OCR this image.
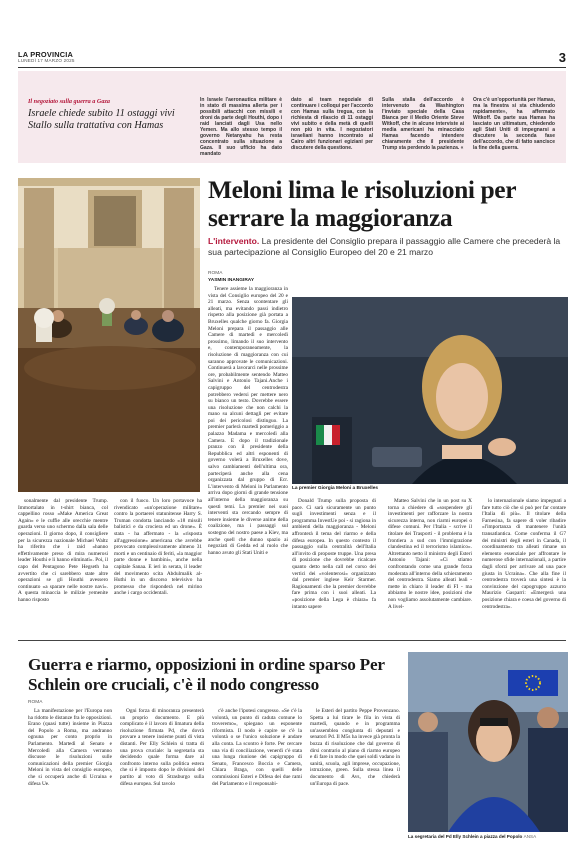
LA PROVINCIA
LUNEDÌ 17 MARZO 2025	3
Il negoziato sulla guerra a Gaza
Israele chiede subito 11 ostaggi vivi Stallo sulla trattativa con Hamas
In Israele l'aeronautica militare è in stato di massima allerta per i possibili attacchi con missili e droni da parte degli Houthi, dopo i raid lanciati dagli Usa nello Yemen. Ma allo stesso tempo il governo Netanyahu ha resta concentrato sulla situazione a Gaza. Il suo ufficio ha dato mandato
dato al team negoziale di continuare i colloqui per l'accordo con Hamas sulla tregua, con la richiesta di rilascio di 11 ostaggi vivi subito e della metà di quelli non più in vita. I negoziatori israeliani hanno incontrato al Cairo altri funzionari egiziani per discutere della questione.
Sulla stalla dell'accordo è intervenuto da Washington l'inviato speciale della Casa Bianca per il Medio Oriente Steve Witkoff, che in alcune interviste ai media americani ha minacciato Hamas facendo intendere chiaramente che il presidente Trump sta perdendo la pazienza. «
Ora c'è un'opportunità per Hamas, ma la finestra si sta chiudendo rapidamente», ha affermato Witkoff. Da parte sua Hamas ha lasciato un ultimatum, chiedendo agli Stati Uniti di impegnarsi a discutere la seconda fase dell'accordo, che di fatto sancisce la fine della guerra.
Meloni lima le risoluzioni per serrare la maggioranza
L'intervento. La presidente del Consiglio prepara il passaggio alle Camere che precederà la sua partecipazione al Consiglio Europeo del 20 e 21 marzo
ROMA
YASMIN INANGIRAY

Tenere assieme la maggioranza in vista del Consiglio europeo del 20 e 21 marzo. Senza scontentare gli alleati, ma evitando passi indietro rispetto alla posizione già portata a Bruxelles qualche giorno fa. Giorgia Meloni prepara il passaggio alle Camere di martedì e mercoledì prossimo, limando il suo intervento e, contemporaneamente, la risoluzione di maggioranza con cui saranno approvate le comunicazioni. Continuerà a lavorarci nelle prossime ore, probabilmente sentendo Matteo Salvini e Antonio Tajani.Anche i capigruppo del centrodestra potrebbero vedersi per mettere nero su bianco un testo. Dovrebbe essere una risoluzione che non calchi la mano su alcuni dettagli per evitare poi dei pericolosi distinguo. La premier parlerà martedì pomeriggio a palazzo Madama e mercoledì alla Camera. E dopo il tradizionale pranzo con il presidente della Repubblica ed altri esponenti di governo volerà a Bruxelles dove, salvo cambiamenti dell'ultima ora, parteciperà anche alla cena organizzata dal gruppo di Ecr. L'intervento di Meloni in Parlamento arriva dopo giorni di grande tensione all'interno della maggioranza su questi temi. La premier nei suoi interventi sta cercando sempre di tenere insieme le diverse anime della coalizione, ma i passaggi sul sostegno del nostro paese a Kiev, ma anche quell che dunno spazio ai negoziati di Gedda ed al ruolo che hanno avuto gli Stati Uniti e

La premier Giorgia Meloni a Bruxelles

sonalmente dal presidente Trump. Immortalato in t-shirt bianca, col cappellino rosso «Make America Great Again» e le cuffie alle orecchie mentre guarda verso uno schermo dalla sala delle operazioni. Il giorno dopo, il consigliere per la sicurezza nazionale Michael Waltz ha riferito che i raid «hanno effettivamente preso di mira numerosi leader Houthi e li hanno eliminati». Poi, il capo del Pentagono Pete Hegseth ha avvertito che ci sarebbero state altre operazioni se gli Houthi avessero continuato «a sparare nelle nostre navi». A questa minaccia le milizie yemenite hanno risposto

con il fuoco. Un loro portavoce ha rivendicato «un'operazione militare» contro la portaerei statunitense Harry S. Truman condotta lanciando «18 missili balistici e da crociera ed un drone». È stata - ha affermato - la «risposta all'aggressione» americana che avrebbe provocato complessivamente almeno 31 morti e un centinaio di feriti, «la maggior parte donne e bambini», anche nella capitale Sanaa. E ieri in serata, il leader del movimento scita Abdulmalik al-Huthi in un discorso televisivo ha promesso che risponderà nel mirino anche i cargo occidentali.

Donald Trump sulla proposta di pace. Ci sarà sicuramente un punto sugli investimenti senza e il programma InvestUe poi - si ragiona in ambienti della maggioranza - Meloni affronterà il tema del riarmo e della difesa europea. In questo contesto il passaggio sulla centralità dell'Italia all'invito di proposte truppe. Una presa di posizione che dovrebbe ricalcare quanto detto nella call nel corso dei vertici dei «volenterosi» organizzato dal premier inglese Keir Starmer. Ragionamenti che la premier dovrebbe fare prima con i suoi alleati. La «posizione della Lega è chiara» fa intanto sapere

Matteo Salvini che in un post su X torna a chiedere di «sospendere gli investimenti per rafforzare la nostra sicurezza interna, non riarmi europei o difese comuni. Per l'Italia - scrive il titolare dei Trasporti - il problema è la frontiera a sud con l'immigrazione clandestina ed il terrorismo islamico». Altrettanto netto il ministro degli Esteri Antonio Tajani: «Ci stiamo confrontando come una grande forza moderata all'interno della schieramento del centrodestra. Siamo alleati leali - mette in chiaro il leader di FI - ma abbiamo le nostre idee, posizioni che non vogliamo assolutamente cambiare. A livel-

lo internazionale siamo impegnati a fare tutto ciò che si può per far contare l'Italia di più». Il titolare della Farnesina, fa sapere di voler ribadire «l'importanza di mantenere l'unità transatlantica. Come conferma il G7 dei ministri degli esteri in Canada, il coordinamento tra alleati rimane un elemento essenziale per affrontare le numerose sfide internazionali, a partire dagli sforzi per arrivare ad una pace giusta in Ucraina». Che alla fine il centrodestra troverà una sintesi è la convinzione del capogruppo azzurro Maurizio Gasparri: «Emergerà una posizione chiara e coesa del governo di centrodestra».

Guerra e riarmo, opposizioni in ordine sparso Per Schlein ore cruciali, c'è il nodo congresso
ROMA

La manifestazione per l'Europa non ha ridotto le distanze fra le opposizioni. Erano (quasi tutte) insieme in Piazza del Popolo a Roma, ma andranno ognuna per conto proprio in Parlamento. Martedì al Senato e Mercoledì alla Camera verranno discusse le risoluzioni sulle comunicazioni della premier Giorgia Meloni in vista del consiglio europeo, che si occuperà anche di Ucraina e difesa Ue.

Ogni forza di minoranza presenterà un proprio documento. E più complicato è il lavoro di limatura della risoluzione firmata Pd, che dovrà provare a tenere insieme punti di vista distanti. Per Elly Schlein si tratta di una prova cruciale: la segretaria sta decidendo quale forma dare al confronto interno sulla politica estera che si è imposto dopo le divisioni del partito al voto di Strasburgo sulla difesa europea. Sul tavolo

c'è anche l'ipotesi congresso. «Se c'è la volontà, un punto di caduta comune lo troveremo», spiegano un esponente riformista. Il nodo è capire se c'è la volontà o se l'unico soluzione è andare alla conta. La scontro è forte. Per cercare una via di conciliazione, venerdì c'è stata una lunga riunione dei capigruppo di Senato, Francesco Boccia e Camera, Chiara Braga, con quelli delle commissioni Esteri e Difesa dei due rami del Parlamento e il responsabi-

le Esteri del partito Peppe Provenzano. Spetta a lui tirare le fila in vista di martedì, quando e in programma un'assemblea congiunta di deputati e senatori Pd. Il M5s ha invece già pronta la bozza di risoluzione che dal governo di dirsi contrario al piano di riarmo europeo e di fare in modo che quei soldi vadano in sanità, scuola, agli imprese, occupazione, istruzione, green. Sulla stessa linea il documento di Avs, che chiederà un'Europa di pace.

La segretaria del Pd Elly Schlein a piazza del Popolo ANSA
